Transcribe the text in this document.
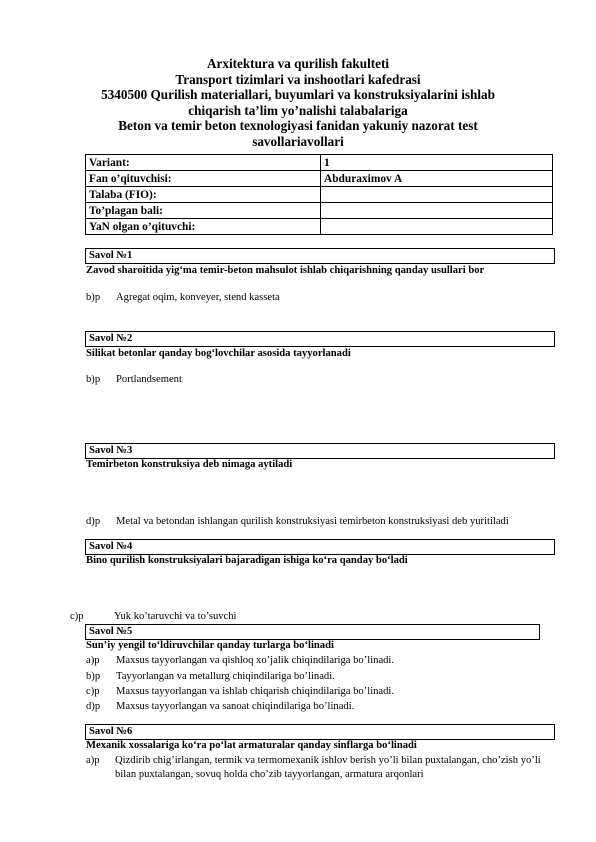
Arxitektura va qurilish fakulteti
Transport tizimlari va inshootlari kafedrasi
5340500 Qurilish materiallari, buyumlari va konstruksiyalarini ishlab
chiqarish ta’lim yo’nalishi talabalariga
Beton va temir beton texnologiyasi fanidan yakuniy nazorat test
savollariavollari
Variant:	1
Fan o’qituvchisi:	Abduraximov A
Talaba (FIO):	
To’plagan bali:	
YaN olgan o’qituvchi:	
Savol №1
Zavod sharoitida yig‘ma temir-beton mahsulot ishlab chiqarishning qanday usullari bor
b)p Agregat oqim, konveyer, stend kasseta
Savol №2
Silikat betonlar qanday bog‘lovchilar asosida tayyorlanadi
b)p Portlandsement
Savol №3
Temirbeton konstruksiya deb nimaga aytiladi
d)p Metal va betondan ishlangan qurilish konstruksiyasi temirbeton konstruksiyasi deb yuritiladi
Savol №4
Bino qurilish konstruksiyalari bajaradigan ishiga ko‘ra qanday bo‘ladi
c)p	Yuk ko’taruvchi va to’suvchi
Savol №5
Sun’iy yengil to‘ldiruvchilar qanday turlarga bo‘linadi
a)p Maxsus tayyorlangan va qishloq xo’jalik chiqindilariga bo’linadi.
b)p Tayyorlangan va metallurg chiqindilariga bo’linadi.
c)p Maxsus tayyorlangan va ishlab chiqarish chiqindilariga bo’linadi.
d)p Maxsus tayyorlangan va sanoat chiqindilariga bo’linadi.
Savol №6
Mexanik xossalariga ko‘ra po‘lat armaturalar qanday sinflarga bo‘linadi
a)p Qizdirib chig’irlangan, termik va termomexanik ishlov berish yo’li bilan puxtalangan, cho’zish yo’li bilan puxtalangan, sovuq holda cho’zib tayyorlangan, armatura arqonlari
